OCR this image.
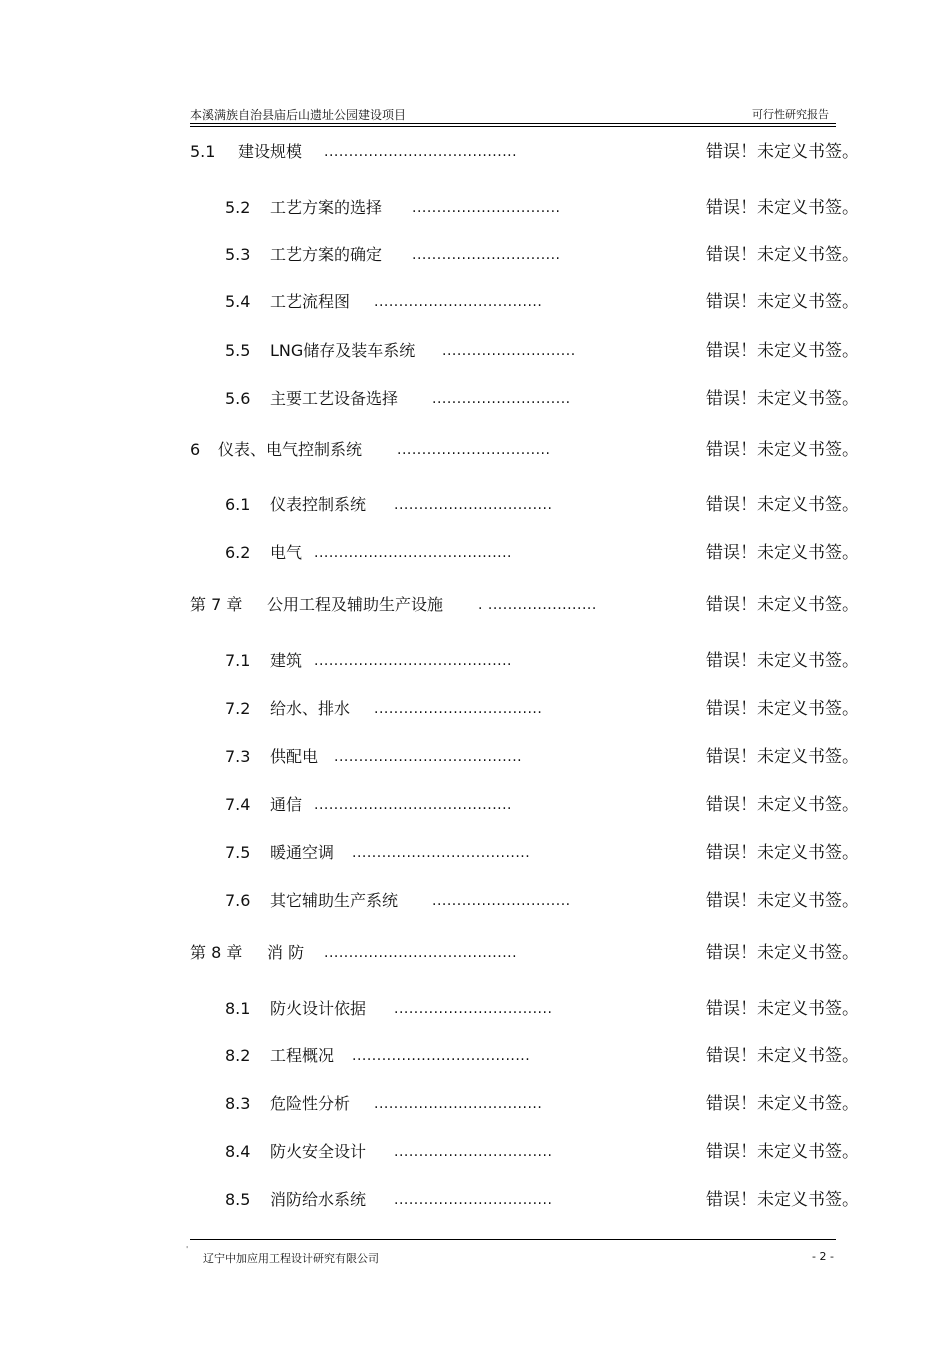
本溪满族自治县庙后山遗址公园建设项目	可行性研究报告
5.1 建设规模 .......................................	错误！未定义书签。
5.2 工艺方案的选择 ..............................	错误！未定义书签。
5.3 工艺方案的确定 ..............................	错误！未定义书签。
5.4 工艺流程图 ..................................	错误！未定义书签。
5.5 LNG储存及装车系统 ...........................	错误！未定义书签。
5.6 主要工艺设备选择 ............................	错误！未定义书签。
6 仪表、电气控制系统 ...............................	错误！未定义书签。
6.1 仪表控制系统 ................................	错误！未定义书签。
6.2 电气 ........................................	错误！未定义书签。
第 7 章 公用工程及辅助生产设施 . ......................	错误！未定义书签。
7.1 建筑 ........................................	错误！未定义书签。
7.2 给水、排水 ..................................	错误！未定义书签。
7.3 供配电 ......................................	错误！未定义书签。
7.4 通信 ........................................	错误！未定义书签。
7.5 暖通空调 ....................................	错误！未定义书签。
7.6 其它辅助生产系统 ............................	错误！未定义书签。
第 8 章 消 防 .......................................	错误！未定义书签。
8.1 防火设计依据 ................................	错误！未定义书签。
8.2 工程概况 ....................................	错误！未定义书签。
8.3 危险性分析 ..................................	错误！未定义书签。
8.4 防火安全设计 ................................	错误！未定义书签。
8.5 消防给水系统 ................................	错误！未定义书签。
'
辽宁中加应用工程设计研究有限公司	- 2 -
